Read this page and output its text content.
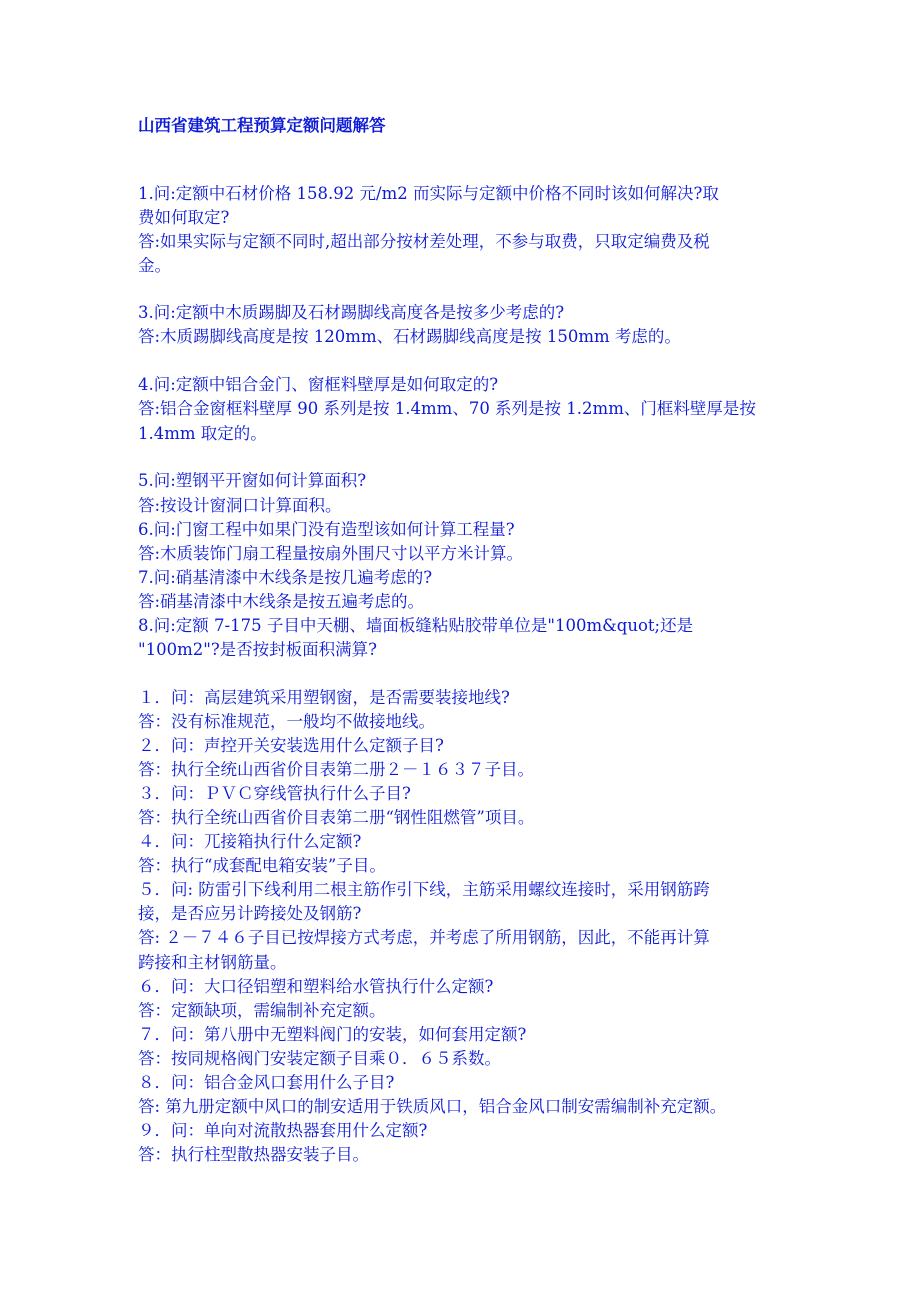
山西省建筑工程预算定额问题解答
1.问:定额中石材价格 158.92 元/m2 而实际与定额中价格不同时该如何解决?取
费如何取定?
答:如果实际与定额不同时,超出部分按材差处理，不参与取费，只取定编费及税
金。
3.问:定额中木质踢脚及石材踢脚线高度各是按多少考虑的?
答:木质踢脚线高度是按 120mm、石材踢脚线高度是按 150mm 考虑的。
4.问:定额中铝合金门、窗框料壁厚是如何取定的?
答:铝合金窗框料壁厚 90 系列是按 1.4mm、70 系列是按 1.2mm、门框料壁厚是按
1.4mm 取定的。
5.问:塑钢平开窗如何计算面积?
答:按设计窗洞口计算面积。
6.问:门窗工程中如果门没有造型该如何计算工程量?
答:木质装饰门扇工程量按扇外围尺寸以平方米计算。
7.问:硝基清漆中木线条是按几遍考虑的?
答:硝基清漆中木线条是按五遍考虑的。
8.问:定额 7-175 子目中天棚、墙面板缝粘贴胶带单位是"100m&quot;还是
"100m2"?是否按封板面积满算?
１．问：高层建筑采用塑钢窗，是否需要装接地线?
答：没有标准规范，一般均不做接地线。
２．问：声控开关安装选用什么定额子目?
答：执行全统山西省价目表第二册２－１６３７子目。
３．问：ＰＶＣ穿线管执行什么子目?
答：执行全统山西省价目表第二册“钢性阻燃管”项目。
４．问：兀接箱执行什么定额?
答：执行“成套配电箱安装”子目。
５．问: 防雷引下线利用二根主筋作引下线，主筋采用螺纹连接时，采用钢筋跨
接，是否应另计跨接处及钢筋?
答: ２－７４６子目已按焊接方式考虑，并考虑了所用钢筋，因此，不能再计算
跨接和主材钢筋量。
６．问：大口径铝塑和塑料给水管执行什么定额?
答：定额缺项，需编制补充定额。
７．问：第八册中无塑料阀门的安装，如何套用定额?
答：按同规格阀门安装定额子目乘０．６５系数。
８．问：铝合金风口套用什么子目?
答: 第九册定额中风口的制安适用于铁质风口，铝合金风口制安需编制补充定额。
９．问：单向对流散热器套用什么定额?
答：执行柱型散热器安装子目。
